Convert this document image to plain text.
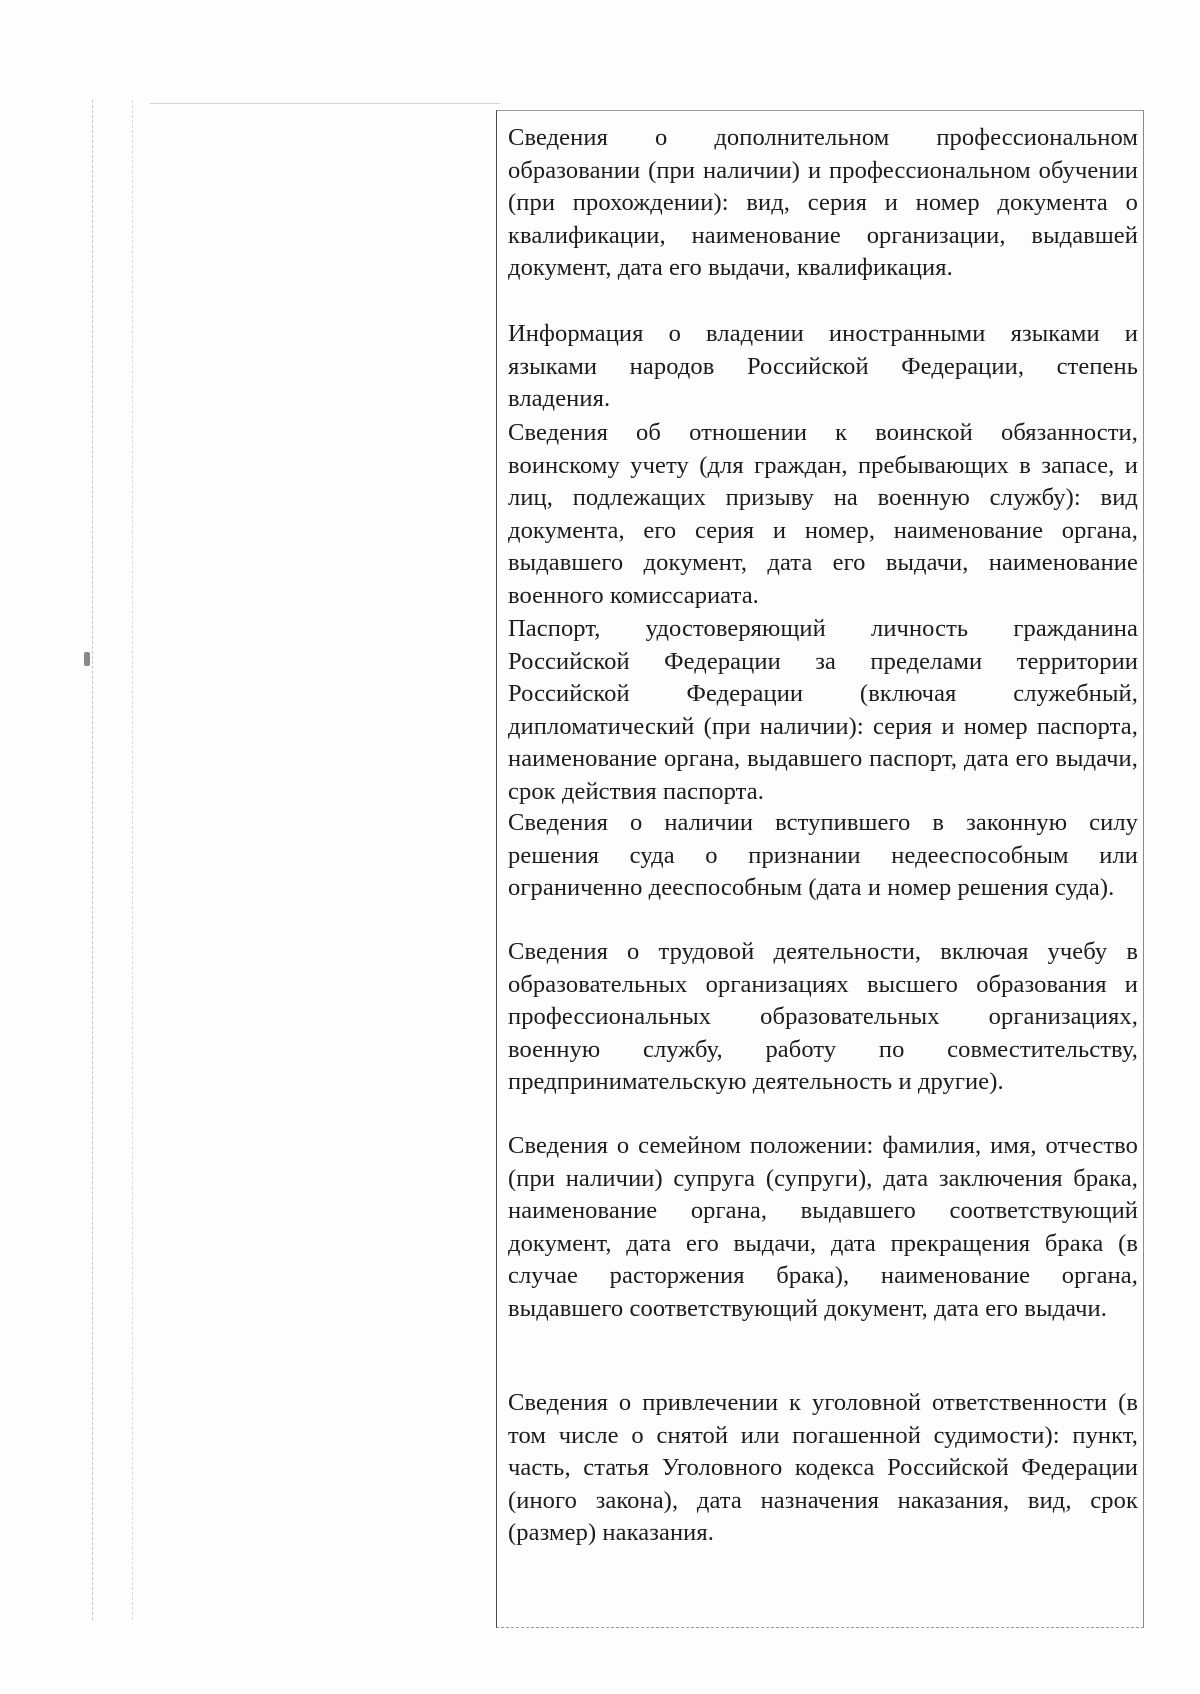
Сведения о дополнительном профессиональном образовании (при наличии) и профессиональном обучении (при прохождении): вид, серия и номер документа о квалификации, наименование организации, выдавшей документ, дата его выдачи, квалификация.

Информация о владении иностранными языками и языками народов Российской Федерации, степень владения.

Сведения об отношении к воинской обязанности, воинскому учету (для граждан, пребывающих в запасе, и лиц, подлежащих призыву на военную службу): вид документа, его серия и номер, наименование органа, выдавшего документ, дата его выдачи, наименование военного комиссариата.

Паспорт, удостоверяющий личность гражданина Российской Федерации за пределами территории Российской Федерации (включая служебный, дипломатический (при наличии): серия и номер паспорта, наименование органа, выдавшего паспорт, дата его выдачи, срок действия паспорта.

Сведения о наличии вступившего в законную силу решения суда о признании недееспособным или ограниченно дееспособным (дата и номер решения суда).

Сведения о трудовой деятельности, включая учебу в образовательных организациях высшего образования и профессиональных образовательных организациях, военную службу, работу по совместительству, предпринимательскую деятельность и другие).

Сведения о семейном положении: фамилия, имя, отчество (при наличии) супруга (супруги), дата заключения брака, наименование органа, выдавшего соответствующий документ, дата его выдачи, дата прекращения брака (в случае расторжения брака), наименование органа, выдавшего соответствующий документ, дата его выдачи.

Сведения о привлечении к уголовной ответственности (в том числе о снятой или погашенной судимости): пункт, часть, статья Уголовного кодекса Российской Федерации (иного закона), дата назначения наказания, вид, срок (размер) наказания.
